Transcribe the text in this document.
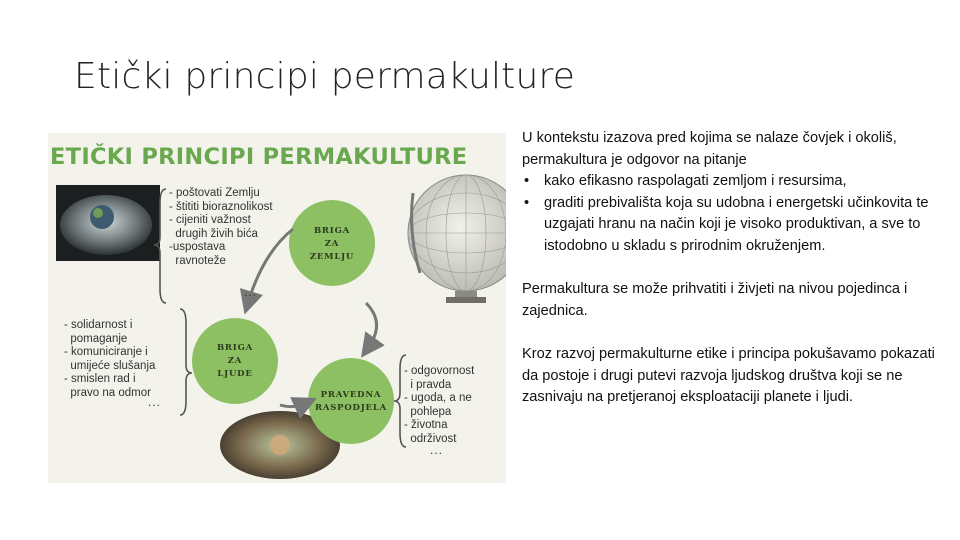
Etički principi permakulture
ETIČKI PRINCIPI PERMAKULTURE
BRIGA
ZA
ZEMLJU
BRIGA
ZA
LJUDE
PRAVEDNA
RASPODJELA
- poštovati Zemlju
- štititi bioraznolikost
- cijeniti važnost
drugih živih bića
-uspostava
ravnoteže
...
- solidarnost i
pomaganje
- komuniciranje i
umijeće slušanja
- smislen rad i
pravo na odmor
...
- odgovornost
i pravda
- ugoda, a ne
pohlepa
- životna
održivost
...

U kontekstu izazova pred kojima se nalaze čovjek i okoliš, permakultura je odgovor na pitanje

• kako efikasno raspolagati zemljom i resursima,
• graditi prebivališta koja su udobna i energetski učinkovita te uzgajati hranu na način koji je visoko produktivan, a sve to istodobno u skladu s prirodnim okruženjem.

Permakultura se može prihvatiti i živjeti na nivou pojedinca i zajednica.

Kroz razvoj permakulturne etike i principa pokušavamo pokazati da postoje i drugi putevi razvoja ljudskog društva koji se ne zasnivaju na pretjeranoj eksploataciji planete i ljudi.
